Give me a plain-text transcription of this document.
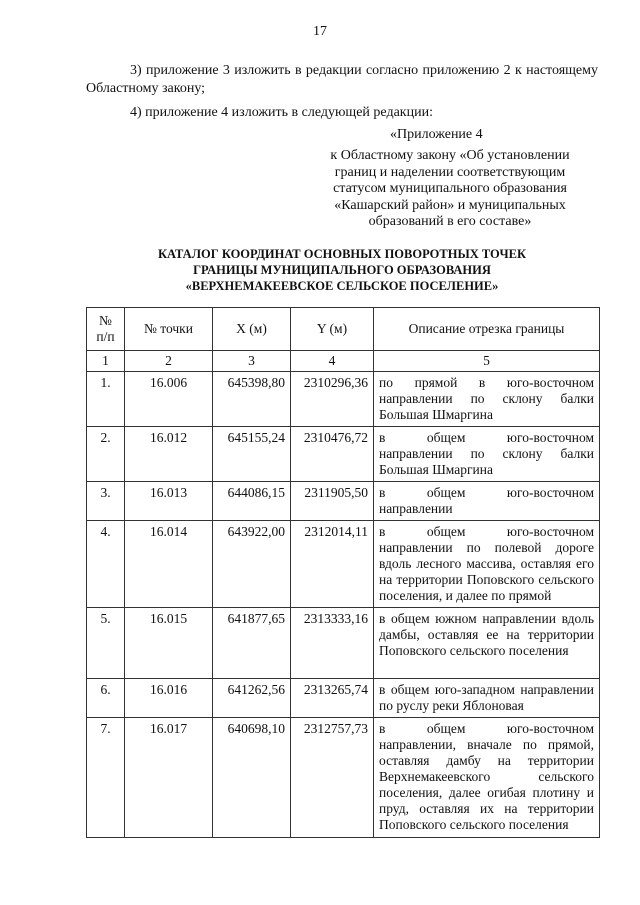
17
3) приложение 3 изложить в редакции согласно приложению 2 к настоящему Областному закону;
4) приложение 4 изложить в следующей редакции:
«Приложение 4
к Областному закону «Об установлении
границ и наделении соответствующим
статусом муниципального образования
«Кашарский район» и муниципальных
образований в его составе»
КАТАЛОГ КООРДИНАТ ОСНОВНЫХ ПОВОРОТНЫХ ТОЧЕК
ГРАНИЦЫ МУНИЦИПАЛЬНОГО ОБРАЗОВАНИЯ
«ВЕРХНЕМАКЕЕВСКОЕ СЕЛЬСКОЕ ПОСЕЛЕНИЕ»
№
п/п	№ точки	X (м)	Y (м)	Описание отрезка границы
1	2	3	4	5
1.	16.006	645398,80	2310296,36	по прямой в юго-восточном направлении по склону балки Большая Шмаргина
2.	16.012	645155,24	2310476,72	в общем юго-восточном направлении по склону балки Большая Шмаргина
3.	16.013	644086,15	2311905,50	в общем юго-восточном направлении
4.	16.014	643922,00	2312014,11	в общем юго-восточном направлении по полевой дороге вдоль лесного массива, оставляя его на территории Поповского сельского поселения, и далее по прямой
5.	16.015	641877,65	2313333,16	в общем южном направлении вдоль дамбы, оставляя ее на территории Поповского сельского поселения
6.	16.016	641262,56	2313265,74	в общем юго-западном направлении по руслу реки Яблоновая
7.	16.017	640698,10	2312757,73	в общем юго-восточном направлении, вначале по прямой, оставляя дамбу на территории Верхнемакеевского сельского поселения, далее огибая плотину и пруд, оставляя их на территории Поповского сельского поселения
